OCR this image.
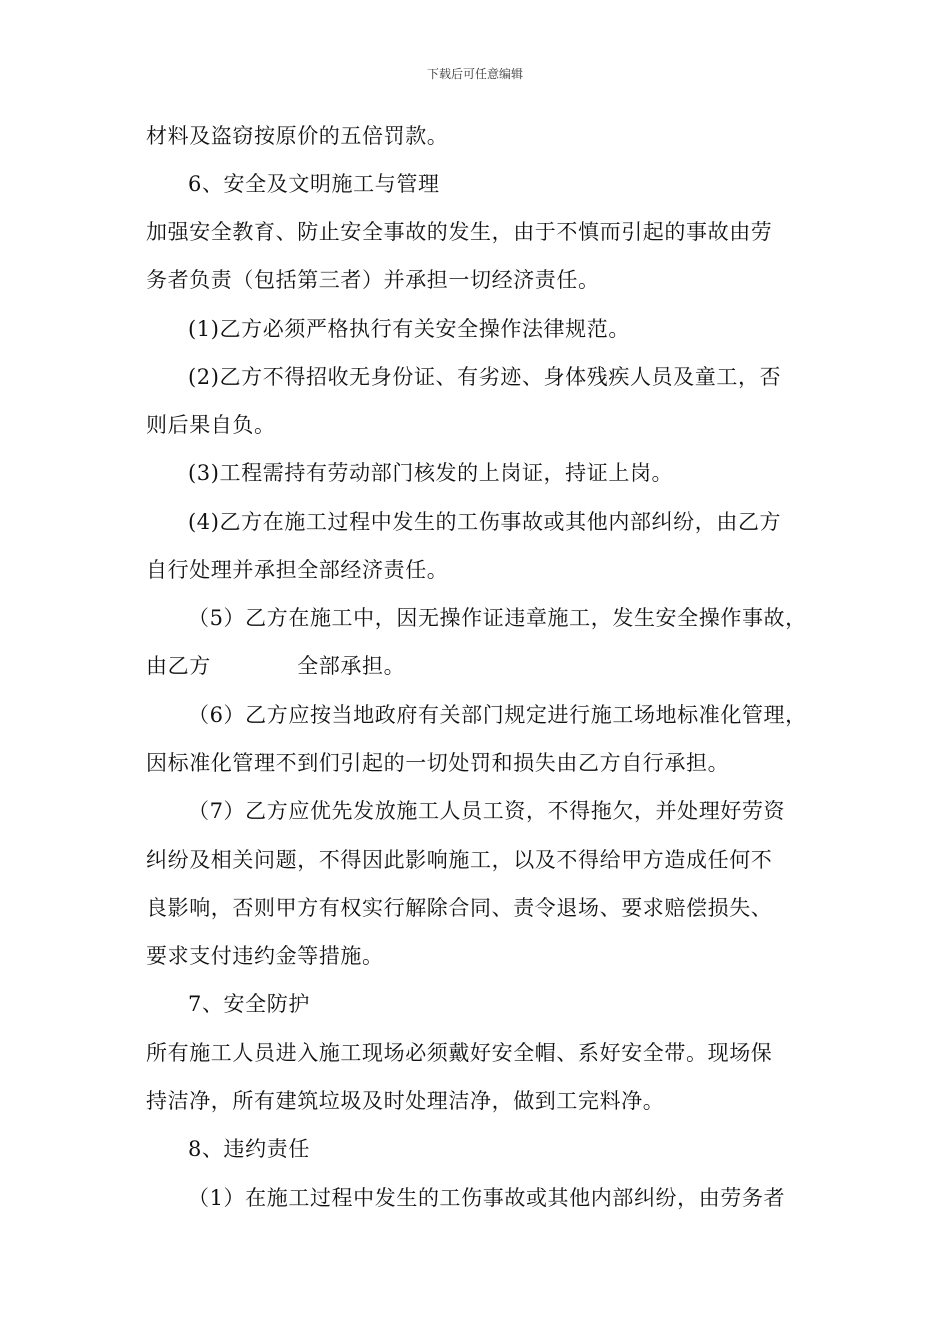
下载后可任意编辑
材料及盗窃按原价的五倍罚款。
6、安全及文明施工与管理
加强安全教育、防止安全事故的发生，由于不慎而引起的事故由劳
务者负责（包括第三者）并承担一切经济责任。
(1)乙方必须严格执行有关安全操作法律规范。
(2)乙方不得招收无身份证、有劣迹、身体残疾人员及童工，否
则后果自负。
(3)工程需持有劳动部门核发的上岗证，持证上岗。
(4)乙方在施工过程中发生的工伤事故或其他内部纠纷，由乙方
自行处理并承担全部经济责任。
（5）乙方在施工中，因无操作证违章施工，发生安全操作事故，
由乙方　　　　全部承担。
（6）乙方应按当地政府有关部门规定进行施工场地标准化管理，
因标准化管理不到们引起的一切处罚和损失由乙方自行承担。
（7）乙方应优先发放施工人员工资，不得拖欠，并处理好劳资
纠纷及相关问题，不得因此影响施工，以及不得给甲方造成任何不
良影响，否则甲方有权实行解除合同、责令退场、要求赔偿损失、
要求支付违约金等措施。
7、安全防护
所有施工人员进入施工现场必须戴好安全帽、系好安全带。现场保
持洁净，所有建筑垃圾及时处理洁净，做到工完料净。
8、违约责任
（1）在施工过程中发生的工伤事故或其他内部纠纷，由劳务者
